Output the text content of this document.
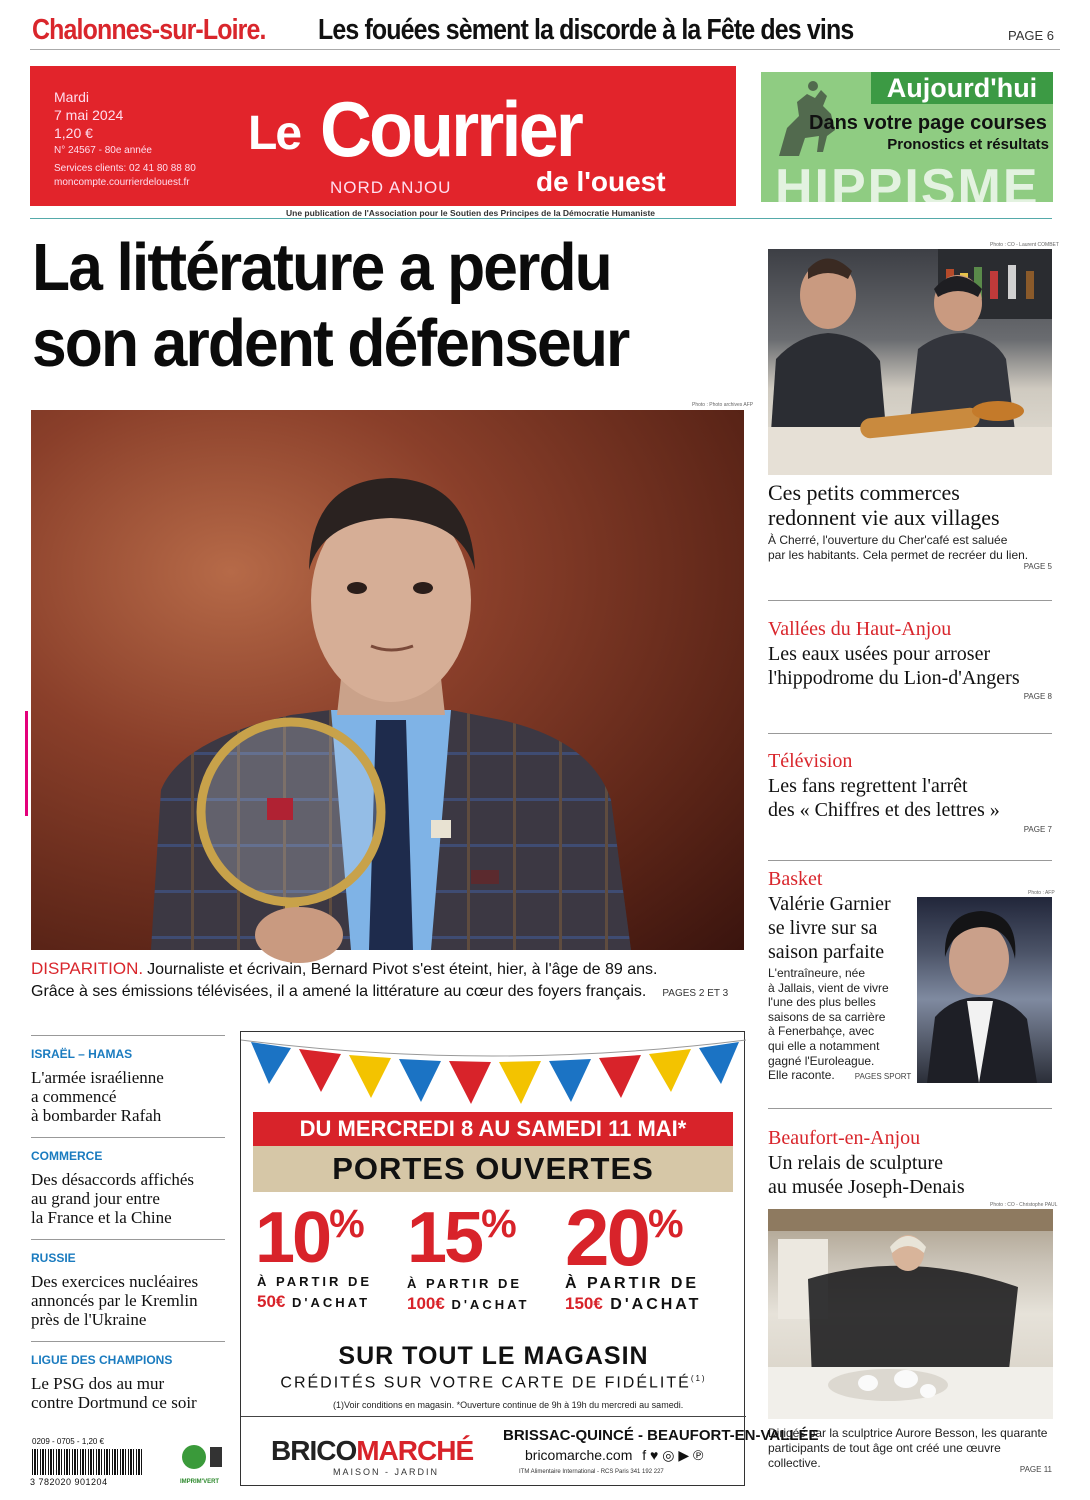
Chalonnes-sur-Loire. Les fouées sèment la discorde à la Fête des vins	PAGE 6
Mardi
7 mai 2024
1,20 €
N° 24567 - 80e année
Services clients: 02 41 80 88 80
moncompte.courrierdelouest.fr
Le Courrier
de l'ouest
NORD ANJOU
Aujourd'hui
Dans votre page courses
Pronostics et résultats
HIPPISME
Une publication de l'Association pour le Soutien des Principes de la Démocratie Humaniste
La littérature a perdu
son ardent défenseur
Photo : Photo archives AFP
DISPARITION. Journaliste et écrivain, Bernard Pivot s'est éteint, hier, à l'âge de 89 ans.
Grâce à ses émissions télévisées, il a amené la littérature au cœur des foyers français. PAGES 2 ET 3
Photo : CO - Laurent COMBET
Ces petits commerces
redonnent vie aux villages
À Cherré, l'ouverture du Cher'café est saluée
par les habitants. Cela permet de recréer du lien.
PAGE 5
Vallées du Haut-Anjou
Les eaux usées pour arroser
l'hippodrome du Lion-d'Angers
PAGE 8
Télévision
Les fans regrettent l'arrêt
des « Chiffres et des lettres »
PAGE 7
Basket
Photo : AFP
Valérie Garnier
se livre sur sa
saison parfaite
L'entraîneure, née
à Jallais, vient de vivre
l'une des plus belles
saisons de sa carrière
à Fenerbahçe, avec
qui elle a notamment
gagné l'Euroleague.
Elle raconte.	PAGES SPORT
Beaufort-en-Anjou
Un relais de sculpture
au musée Joseph-Denais
Photo : CO - Christophe PAUL
Dirigés par la sculptrice Aurore Besson, les quarante
participants de tout âge ont créé une œuvre collective.	PAGE 11
ISRAËL – HAMAS
L'armée israélienne
a commencé
à bombarder Rafah
COMMERCE
Des désaccords affichés
au grand jour entre
la France et la Chine
RUSSIE
Des exercices nucléaires
annoncés par le Kremlin
près de l'Ukraine
LIGUE DES CHAMPIONS
Le PSG dos au mur
contre Dortmund ce soir
0209 - 0705 - 1,20 €
3 782020 901204	IMPRIM'VERT
DU MERCREDI 8 AU SAMEDI 11 MAI*
PORTES OUVERTES
10%
À PARTIR DE
50€ D'ACHAT
15%
À PARTIR DE
100€ D'ACHAT
20%
À PARTIR DE
150€ D'ACHAT
SUR TOUT LE MAGASIN
CRÉDITÉS SUR VOTRE CARTE DE FIDÉLITÉ$^{(1)}$
(1)Voir conditions en magasin. *Ouverture continue de 9h à 19h du mercredi au samedi.
BRICOMARCHÉ
MAISON - JARDIN
BRISSAC-QUINCÉ - BEAUFORT-EN-VALLÉE
bricomarche.com f ♥ ◎ ▶ ℗
ITM Alimentaire International - RCS Paris 341 192 227
